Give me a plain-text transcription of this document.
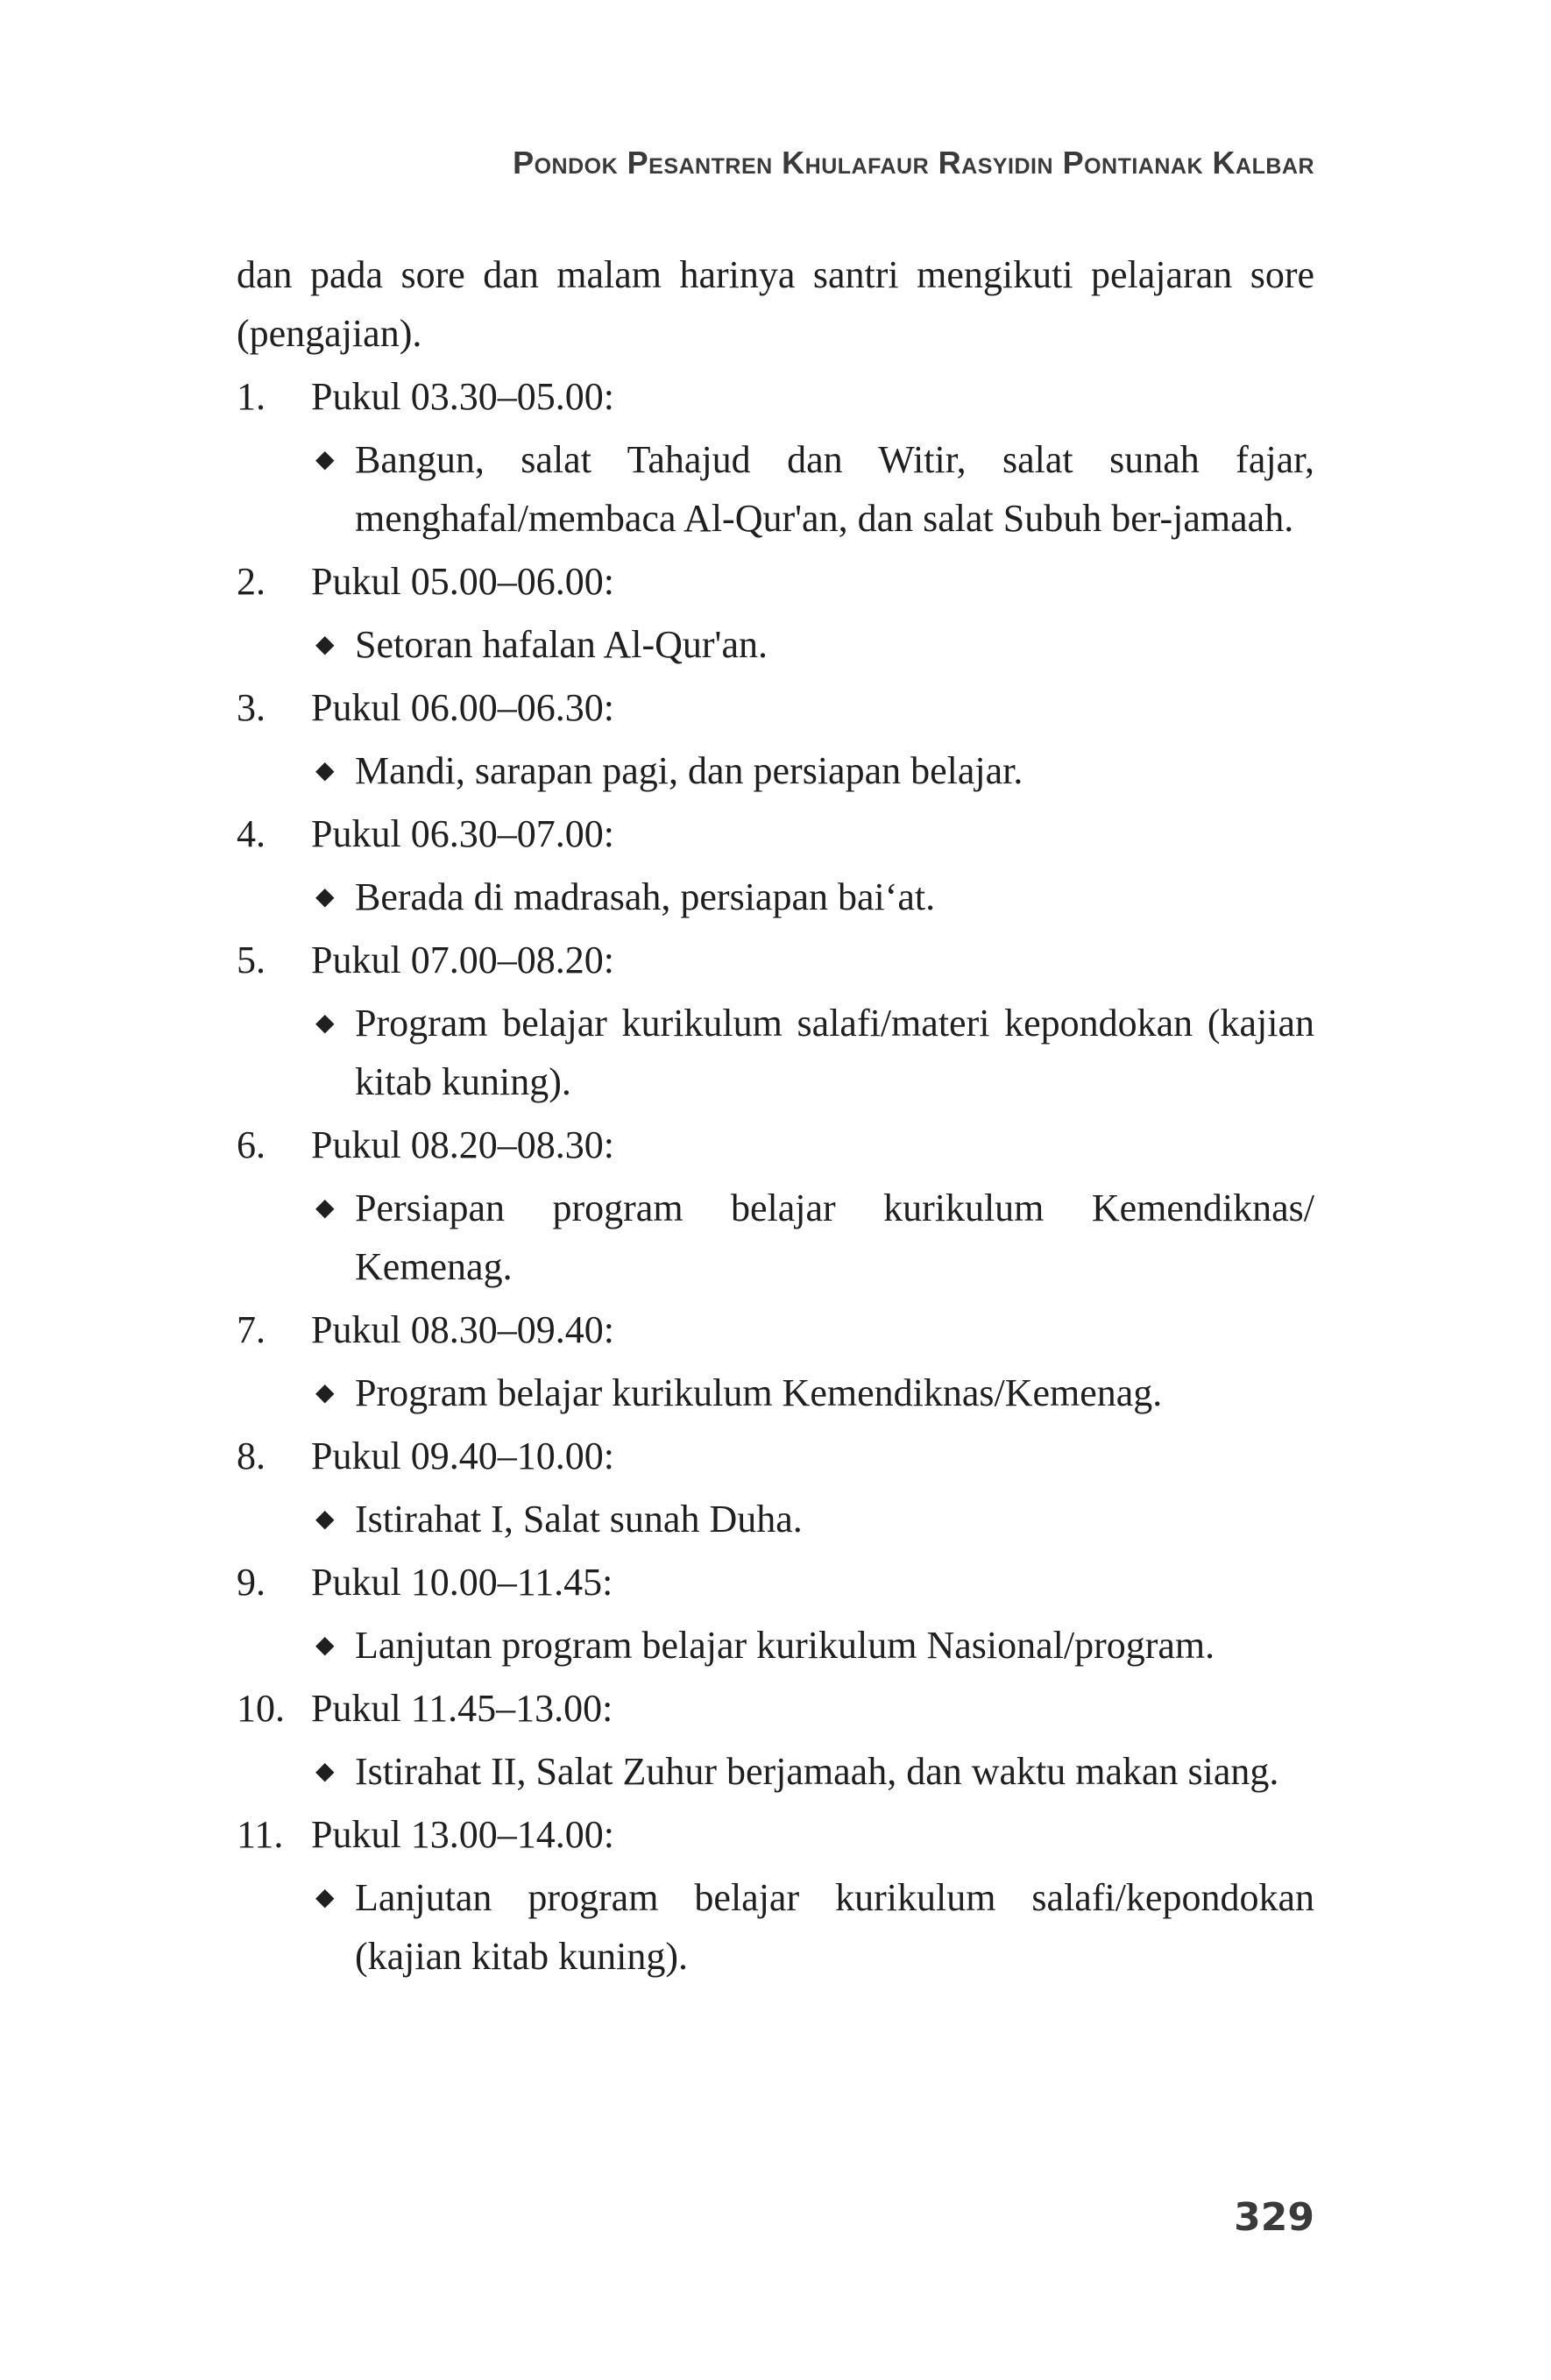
Pondok Pesantren Khulafaur Rasyidin Pontianak Kalbar

dan pada sore dan malam harinya santri mengikuti pelajaran sore (pengajian).

1. Pukul 03.30–05.00:
◆ Bangun, salat Tahajud dan Witir, salat sunah fajar, menghafal/membaca Al-Qur'an, dan salat Subuh ber-jamaah.
2. Pukul 05.00–06.00:
◆ Setoran hafalan Al-Qur'an.
3. Pukul 06.00–06.30:
◆ Mandi, sarapan pagi, dan persiapan belajar.
4. Pukul 06.30–07.00:
◆ Berada di madrasah, persiapan bai‘at.
5. Pukul 07.00–08.20:
◆ Program belajar kurikulum salafi/materi kepondokan (kajian kitab kuning).
6. Pukul 08.20–08.30:
◆ Persiapan program belajar kurikulum Kemendiknas/ Kemenag.
7. Pukul 08.30–09.40:
◆ Program belajar kurikulum Kemendiknas/Kemenag.
8. Pukul 09.40–10.00:
◆ Istirahat I, Salat sunah Duha.
9. Pukul 10.00–11.45:
◆ Lanjutan program belajar kurikulum Nasional/program.
10. Pukul 11.45–13.00:
◆ Istirahat II, Salat Zuhur berjamaah, dan waktu makan siang.
11. Pukul 13.00–14.00:
◆ Lanjutan program belajar kurikulum salafi/kepondokan (kajian kitab kuning).
329
